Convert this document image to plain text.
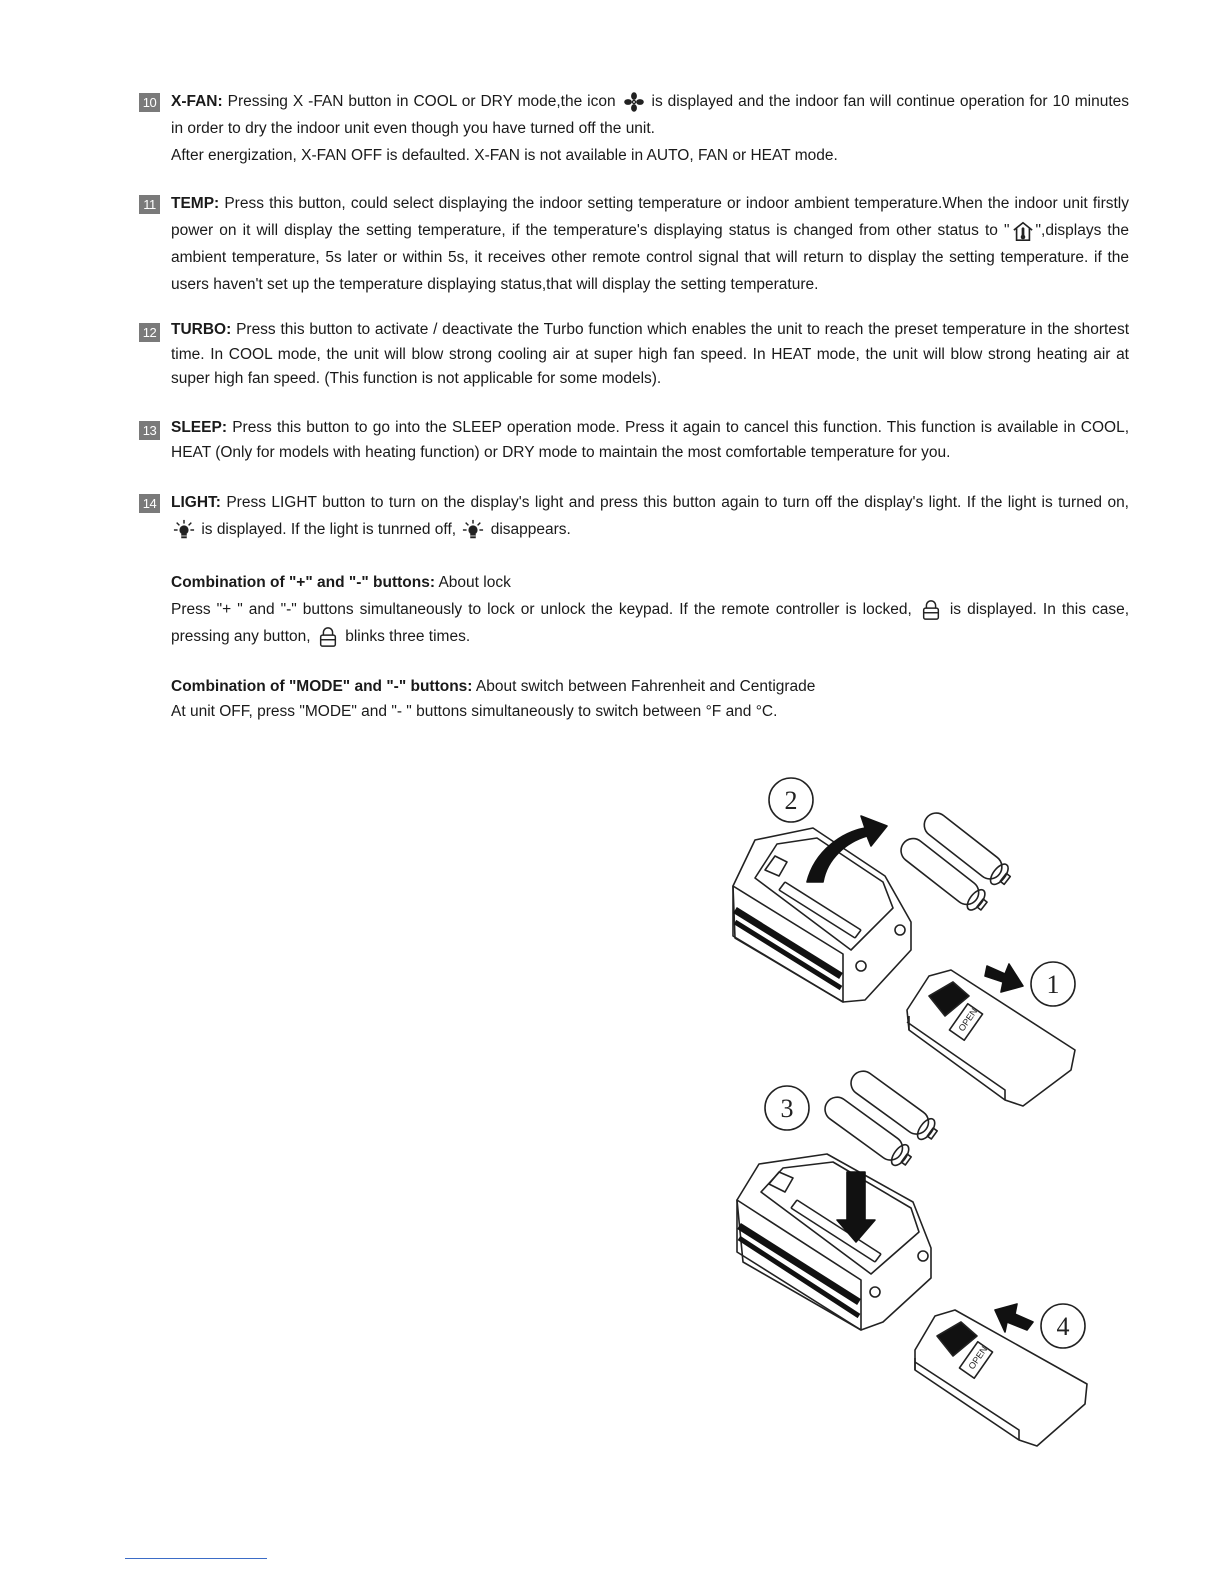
10 X-FAN: Pressing X -FAN button in COOL or DRY mode,the icon is displayed and the indoor fan will continue operation for 10 minutes in order to dry the indoor unit even though you have turned off the unit.
After energization, X-FAN OFF is defaulted. X-FAN is not available in AUTO, FAN or HEAT mode.
11 TEMP: Press this button, could select displaying the indoor setting temperature or indoor ambient temperature.When the indoor unit firstly power on it will display the setting temperature, if the temperature's displaying status is changed from other status to " ",displays the ambient temperature, 5s later or within 5s, it receives other remote control signal that will return to display the setting temperature. if the users haven't set up the temperature displaying status,that will display the setting temperature.
12 TURBO: Press this button to activate / deactivate the Turbo function which enables the unit to reach the preset temperature in the shortest time. In COOL mode, the unit will blow strong cooling air at super high fan speed. In HEAT mode, the unit will blow strong heating air at super high fan speed. (This function is not applicable for some models).
13 SLEEP: Press this button to go into the SLEEP operation mode. Press it again to cancel this function. This function is available in COOL, HEAT (Only for models with heating function) or DRY mode to maintain the most comfortable temperature for you.
14 LIGHT: Press LIGHT button to turn on the display's light and press this button again to turn off the display's light. If the light is turned on,
is displayed. If the light is tunrned off, disappears.
Combination of "+" and "-" buttons: About lock
Press "+ " and "-" buttons simultaneously to lock or unlock the keypad. If the remote controller is locked, is displayed. In this case, pressing any button, blinks three times.
Combination of "MODE" and "-" buttons: About switch between Fahrenheit and Centigrade
At unit OFF, press "MODE" and "- " buttons simultaneously to switch between °F and °C.
2
1
3
4
OPEN
OPEN
